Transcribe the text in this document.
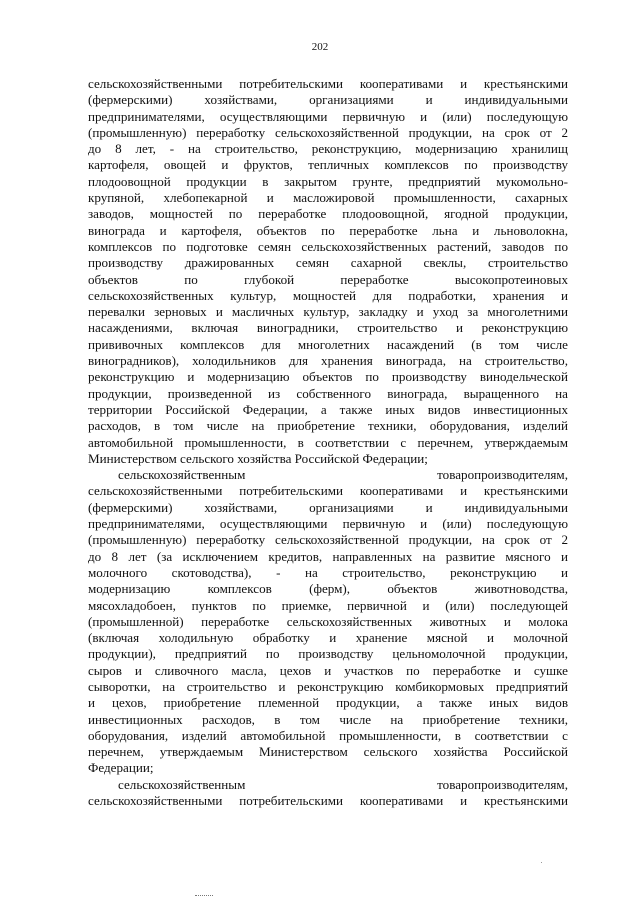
202
сельскохозяйственными потребительскими кооперативами и крестьянскими
(фермерскими) хозяйствами, организациями и индивидуальными
предпринимателями, осуществляющими первичную и (или) последующую
(промышленную) переработку сельскохозяйственной продукции, на срок от 2
до 8 лет, - на строительство, реконструкцию, модернизацию хранилищ
картофеля, овощей и фруктов, тепличных комплексов по производству
плодоовощной продукции в закрытом грунте, предприятий мукомольно-
крупяной, хлебопекарной и масложировой промышленности, сахарных
заводов, мощностей по переработке плодоовощной, ягодной продукции,
винограда и картофеля, объектов по переработке льна и льноволокна,
комплексов по подготовке семян сельскохозяйственных растений, заводов по
производству дражированных семян сахарной свеклы, строительство
объектов по глубокой переработке высокопротеиновых
сельскохозяйственных культур, мощностей для подработки, хранения и
перевалки зерновых и масличных культур, закладку и уход за многолетними
насаждениями, включая виноградники, строительство и реконструкцию
прививочных комплексов для многолетних насаждений (в том числе
виноградников), холодильников для хранения винограда, на строительство,
реконструкцию и модернизацию объектов по производству винодельческой
продукции, произведенной из собственного винограда, выращенного на
территории Российской Федерации, а также иных видов инвестиционных
расходов, в том числе на приобретение техники, оборудования, изделий
автомобильной промышленности, в соответствии с перечнем, утверждаемым
Министерством сельского хозяйства Российской Федерации;
сельскохозяйственным товаропроизводителям,
сельскохозяйственными потребительскими кооперативами и крестьянскими
(фермерскими) хозяйствами, организациями и индивидуальными
предпринимателями, осуществляющими первичную и (или) последующую
(промышленную) переработку сельскохозяйственной продукции, на срок от 2
до 8 лет (за исключением кредитов, направленных на развитие мясного и
молочного скотоводства), - на строительство, реконструкцию и
модернизацию комплексов (ферм), объектов животноводства,
мясохладобоен, пунктов по приемке, первичной и (или) последующей
(промышленной) переработке сельскохозяйственных животных и молока
(включая холодильную обработку и хранение мясной и молочной
продукции), предприятий по производству цельномолочной продукции,
сыров и сливочного масла, цехов и участков по переработке и сушке
сыворотки, на строительство и реконструкцию комбикормовых предприятий
и цехов, приобретение племенной продукции, а также иных видов
инвестиционных расходов, в том числе на приобретение техники,
оборудования, изделий автомобильной промышленности, в соответствии с
перечнем, утверждаемым Министерством сельского хозяйства Российской
Федерации;
сельскохозяйственным товаропроизводителям,
сельскохозяйственными потребительскими кооперативами и крестьянскими
